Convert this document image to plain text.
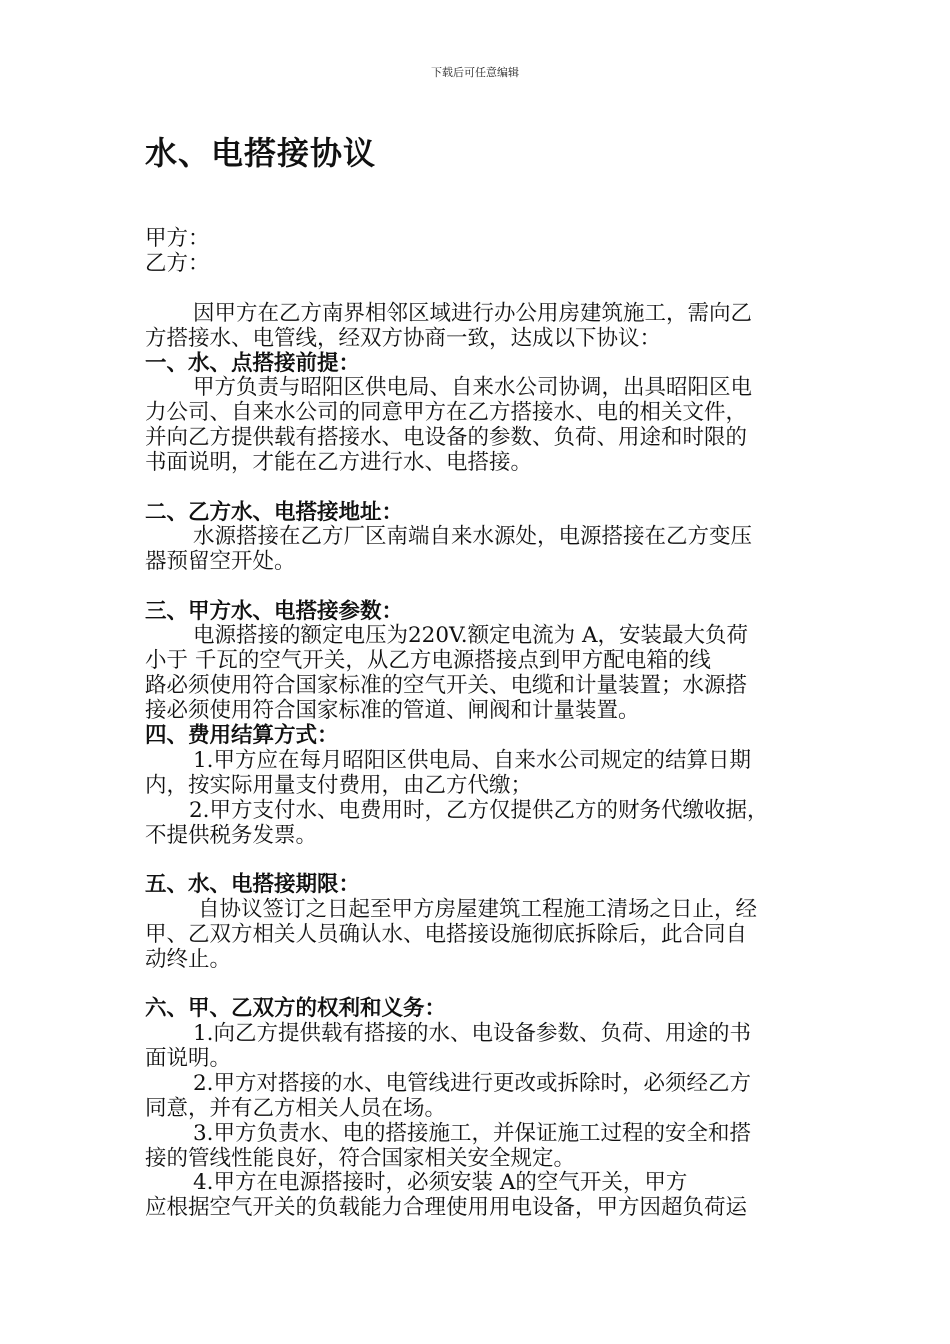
下载后可任意编辑
水、电搭接协议
甲方：
乙方：
因甲方在乙方南界相邻区域进行办公用房建筑施工，需向乙
方搭接水、电管线，经双方协商一致，达成以下协议：
一、水、点搭接前提：
甲方负责与昭阳区供电局、自来水公司协调，出具昭阳区电
力公司、自来水公司的同意甲方在乙方搭接水、电的相关文件，
并向乙方提供载有搭接水、电设备的参数、负荷、用途和时限的
书面说明，才能在乙方进行水、电搭接。
二、乙方水、电搭接地址：
水源搭接在乙方厂区南端自来水源处，电源搭接在乙方变压
器预留空开处。
三、甲方水、电搭接参数：
电源搭接的额定电压为220V.额定电流为 A，安装最大负荷
小于 千瓦的空气开关，从乙方电源搭接点到甲方配电箱的线
路必须使用符合国家标准的空气开关、电缆和计量装置；水源搭
接必须使用符合国家标准的管道、闸阀和计量装置。
四、费用结算方式：
1.甲方应在每月昭阳区供电局、自来水公司规定的结算日期
内，按实际用量支付费用，由乙方代缴；
2.甲方支付水、电费用时，乙方仅提供乙方的财务代缴收据，
不提供税务发票。
五、水、电搭接期限：
自协议签订之日起至甲方房屋建筑工程施工清场之日止，经
甲、乙双方相关人员确认水、电搭接设施彻底拆除后，此合同自
动终止。
六、甲、乙双方的权利和义务：
1.向乙方提供载有搭接的水、电设备参数、负荷、用途的书
面说明。
2.甲方对搭接的水、电管线进行更改或拆除时，必须经乙方
同意，并有乙方相关人员在场。
3.甲方负责水、电的搭接施工，并保证施工过程的安全和搭
接的管线性能良好，符合国家相关安全规定。
4.甲方在电源搭接时，必须安装 A的空气开关，甲方
应根据空气开关的负载能力合理使用用电设备，甲方因超负荷运
